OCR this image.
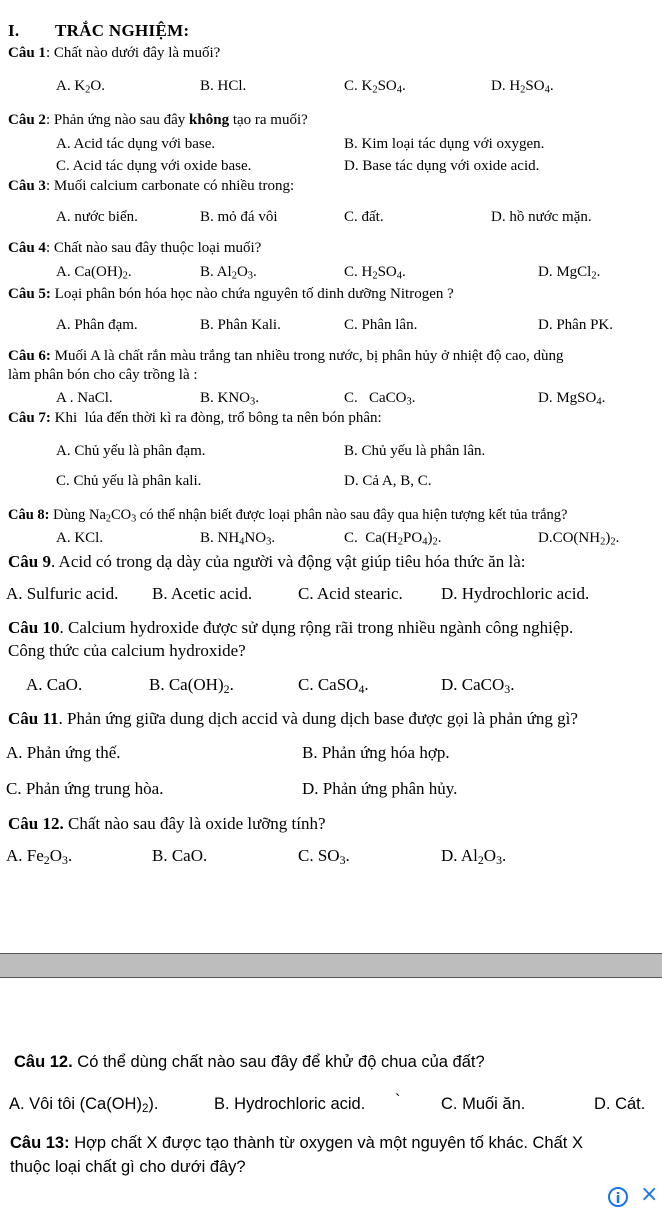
I. TRẮC NGHIỆM:
Câu 1: Chất nào dưới đây là muối?
A. $K_2O$.	B. HCl.	C. $K_2SO_4$.	D. $H_2SO_4$.
Câu 2: Phản ứng nào sau đây không tạo ra muối?
A. Acid tác dụng với base.	B. Kim loại tác dụng với oxygen.
C. Acid tác dụng với oxide base.	D. Base tác dụng với oxide acid.
Câu 3: Muối calcium carbonate có nhiều trong:
A. nước biển.	B. mỏ đá vôi	C. đất.	D. hồ nước mặn.
Câu 4: Chất nào sau đây thuộc loại muối?
A. $Ca(OH)_2$.	B. $Al_2O_3$.	C. $H_2SO_4$.	D. MgCl$_2$.
Câu 5: Loại phân bón hóa học nào chứa nguyên tố dinh dưỡng Nitrogen ?
A. Phân đạm.	B. Phân Kali.	C. Phân lân.	D. Phân PK.
Câu 6: Muối A là chất rắn màu trắng tan nhiều trong nước, bị phân hủy ở nhiệt độ cao, dùng
làm phân bón cho cây trồng là :
A . NaCl.	B. $KNO_3$.	C.   CaCO$_3$.	D. MgSO$_4$.
Câu 7: Khi  lúa đến thời kì ra đòng, trổ bông ta nên bón phân:
A. Chủ yếu là phân đạm.	B. Chủ yếu là phân lân.
C. Chủ yếu là phân kali.	D. Cả A, B, C.
Câu 8: Dùng $Na_2CO_3$ có thể nhận biết được loại phân nào sau đây qua hiện tượng kết tủa trắng?
A. KCl.	B. $NH_4NO_3$.	C.  $Ca(H_2PO_4)_2$.	$D.CO(NH_2)_2$.
Câu 9. Acid có trong dạ dày của người và động vật giúp tiêu hóa thức ăn là:
A. Sulfuric acid. B. Acetic acid.	C. Acid stearic. D. Hydrochloric acid.
Câu 10. Calcium hydroxide được sử dụng rộng rãi trong nhiều ngành công nghiệp.
Công thức của calcium hydroxide?
A. CaO.	B. $Ca(OH)_2$.	C. CaSO$_4$.	D. CaCO$_3$.
Câu 11. Phản ứng giữa dung dịch accid và dung dịch base được gọi là phản ứng gì?
A. Phản ứng thế.	B. Phản ứng hóa hợp.
C. Phản ứng trung hòa.	D. Phản ứng phân hủy.
Câu 12. Chất nào sau đây là oxide lưỡng tính?
A. $Fe_2O_3$.	B. CaO.	C. $SO_3$.	D. $Al_2O_3$.
Câu 12. Có thể dùng chất nào sau đây để khử độ chua của đất?
A. Vôi tôi $(Ca(OH)_2)$.	B. Hydrochloric acid. ` C. Muối ăn.	D. Cát.
Câu 13: Hợp chất X được tạo thành từ oxygen và một nguyên tố khác. Chất X
thuộc loại chất gì cho dưới đây?
i ×
